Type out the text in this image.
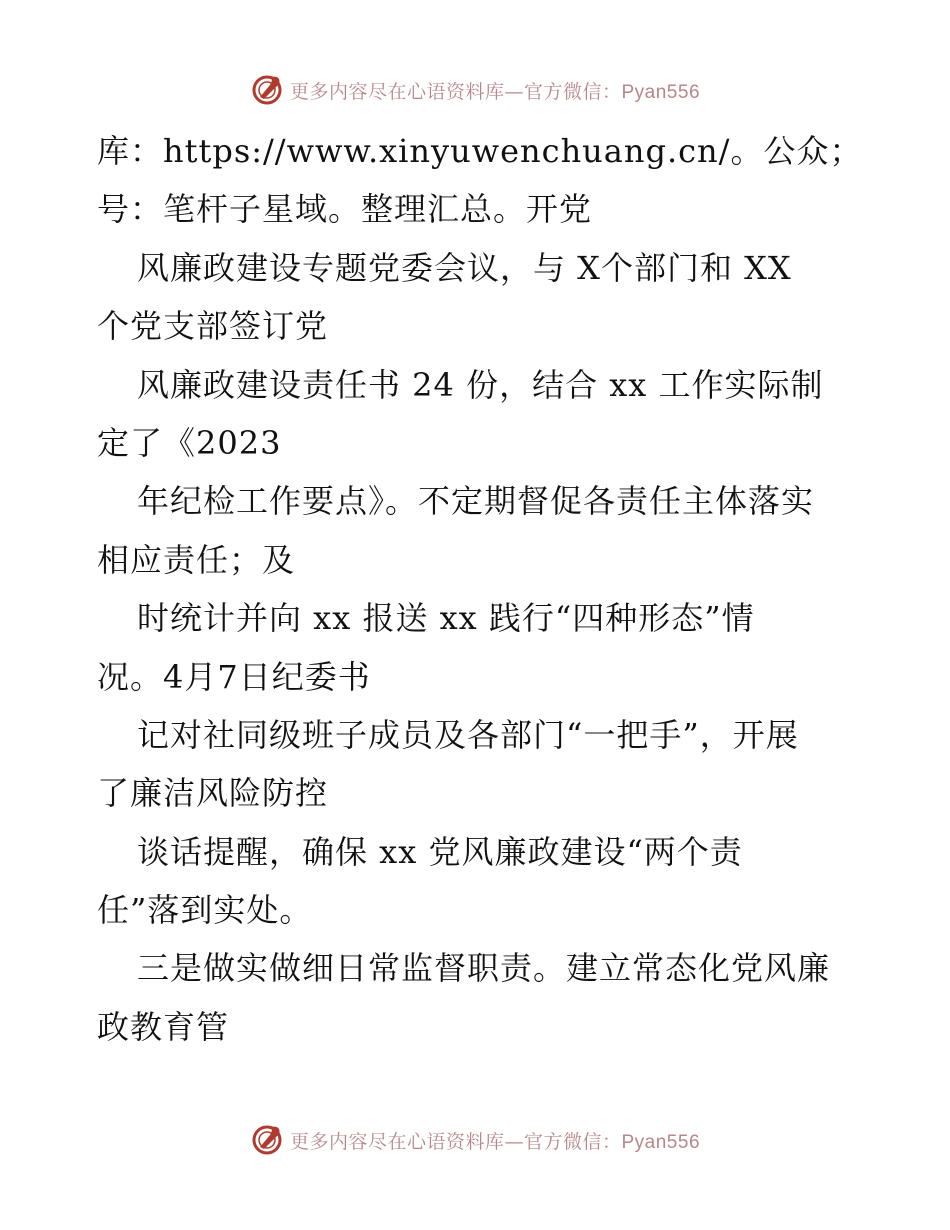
更多内容尽在心语资料库—官方微信：Pyan556
库：https://www.xinyuwenchuang.cn/。公众；
号：笔杆子星域。整理汇总。开党
风廉政建设专题党委会议，与 X个部门和 XX
个党支部签订党
风廉政建设责任书 24 份，结合 xx 工作实际制
定了《2023
年纪检工作要点》。不定期督促各责任主体落实
相应责任；及
时统计并向 xx 报送 xx 践行“四种形态”情
况。4月7日纪委书
记对社同级班子成员及各部门“一把手”，开展
了廉洁风险防控
谈话提醒，确保 xx 党风廉政建设“两个责
任”落到实处。
三是做实做细日常监督职责。建立常态化党风廉
政教育管
更多内容尽在心语资料库—官方微信：Pyan556
